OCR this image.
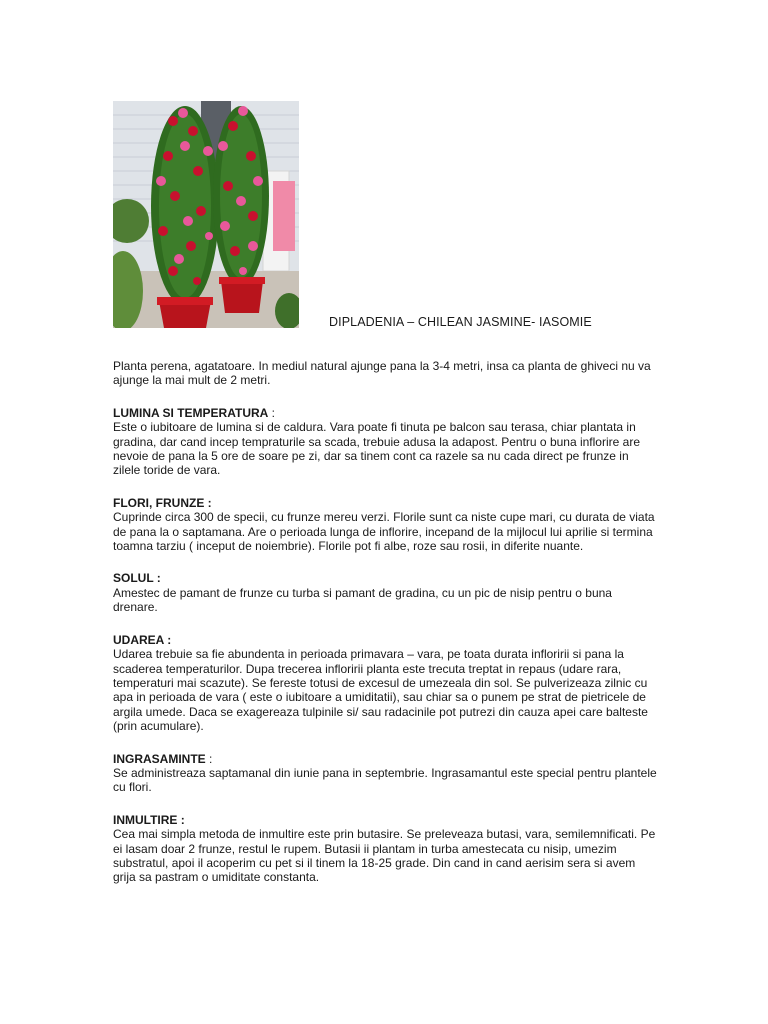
DIPLADENIA – CHILEAN JASMINE- IASOMIE

Planta perena, agatatoare. In mediul natural ajunge pana la 3-4 metri, insa ca planta de ghiveci nu va ajunge la mai mult de 2 metri.

LUMINA SI TEMPERATURA :

Este o iubitoare de lumina si de caldura. Vara poate fi tinuta pe balcon sau terasa, chiar plantata in gradina, dar cand incep tempraturile sa scada, trebuie adusa la adapost. Pentru o buna inflorire are nevoie de pana la 5 ore de soare pe zi, dar sa tinem cont ca razele sa nu cada direct pe frunze in zilele toride de vara.

FLORI, FRUNZE :

Cuprinde circa 300 de specii, cu frunze mereu verzi. Florile sunt ca niste cupe mari, cu durata de viata de pana la o saptamana. Are o perioada lunga de inflorire, incepand de la mijlocul lui aprilie si termina toamna tarziu ( inceput de noiembrie). Florile pot fi albe, roze sau rosii, in diferite nuante.

SOLUL :

Amestec de pamant de frunze cu turba si pamant de gradina, cu un pic de nisip pentru o buna drenare.

UDAREA :

Udarea trebuie sa fie abundenta in perioada primavara – vara, pe toata durata infloririi si pana la scaderea temperaturilor. Dupa trecerea infloririi planta este trecuta treptat in repaus (udare rara, temperaturi mai scazute). Se fereste totusi de excesul de umezeala din sol. Se pulverizeaza zilnic cu apa in perioada de vara ( este o iubitoare a umiditatii), sau chiar sa o punem pe strat de pietricele de argila umede. Daca se exagereaza tulpinile si/ sau radacinile pot putrezi din cauza apei care balteste (prin acumulare).

INGRASAMINTE :

Se administreaza saptamanal din iunie pana in septembrie. Ingrasamantul este special pentru plantele cu flori.

INMULTIRE :

Cea mai simpla metoda de inmultire este prin butasire. Se preleveaza butasi, vara, semilemnificati. Pe ei lasam doar 2 frunze, restul le rupem. Butasii ii plantam in turba amestecata cu nisip, umezim substratul, apoi il acoperim cu pet si il tinem la 18-25 grade. Din cand in cand aerisim sera si avem grija sa pastram o umiditate constanta.
